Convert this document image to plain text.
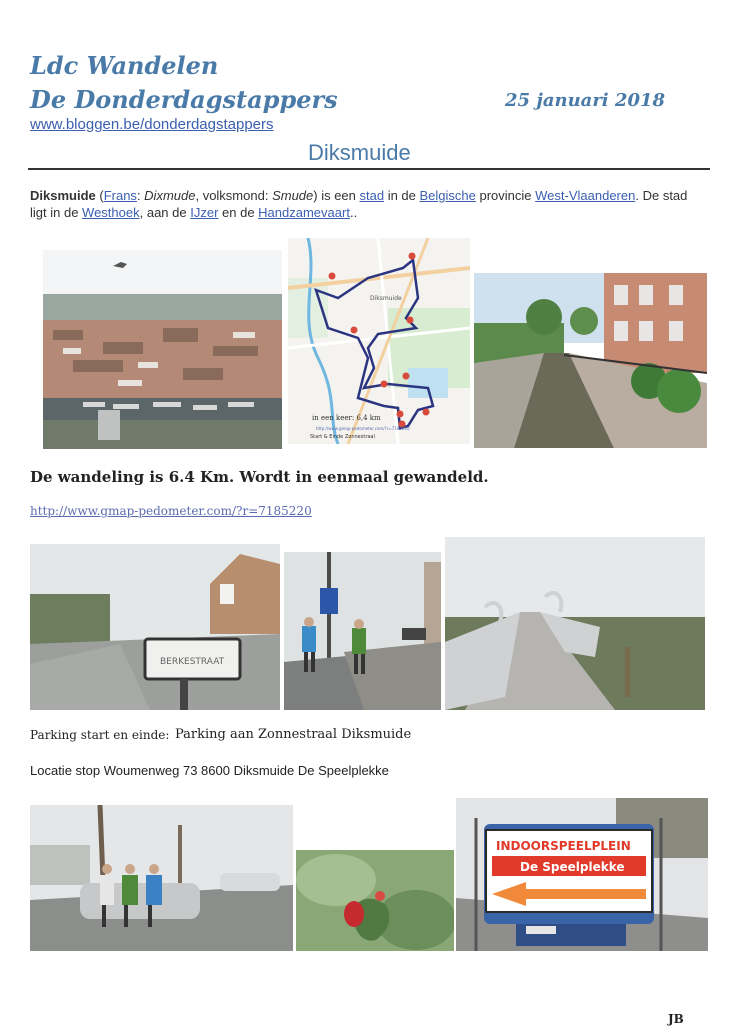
Ldc Wandelen
De Donderdagstappers	25 januari 2018
www.bloggen.be/donderdagstappers
Diksmuide
Diksmuide (Frans: Dixmude, volksmond: Smude) is een stad in de Belgische provincie West-Vlaanderen. De stad ligt in de Westhoek, aan de IJzer en de Handzamevaart..
Diksmuide
in een keer: 6,4 km
http://www.gmap-pedometer.com/?r=7185220
Start & Einde Zonnestraal
De wandeling is 6.4 Km. Wordt in eenmaal gewandeld.
http://www.gmap-pedometer.com/?r=7185220
BERKESTRAAT
Parking start en einde: Parking aan Zonnestraal Diksmuide
Locatie stop Woumenweg 73 8600 Diksmuide De Speelplekke
INDOORSPEELPLEIN
De Speelplekke
JB
